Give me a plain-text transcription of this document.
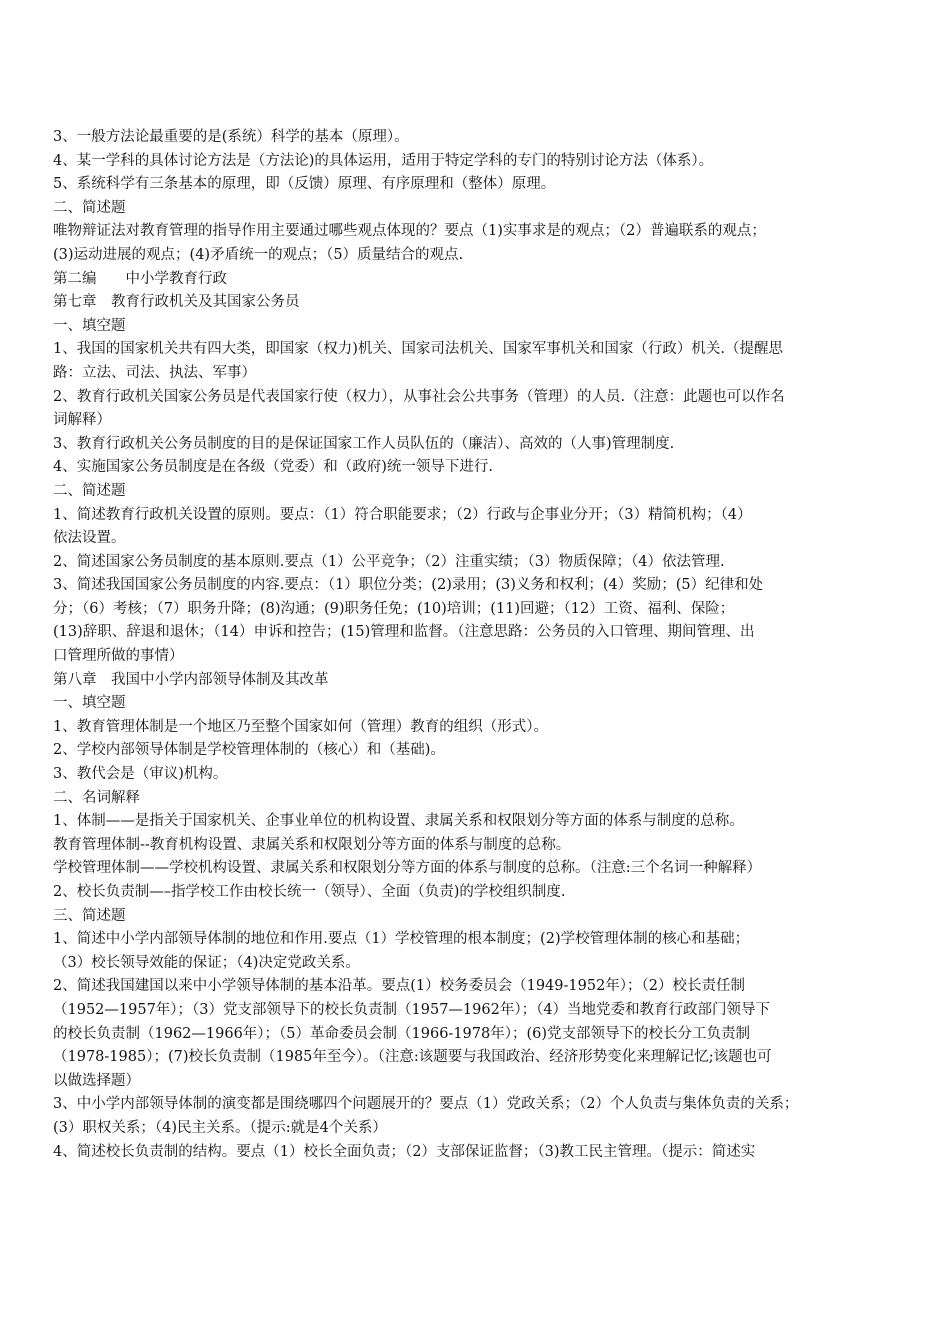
3、一般方法论最重要的是(系统）科学的基本（原理）。
4、某一学科的具体讨论方法是（方法论)的具体运用，适用于特定学科的专门的特别讨论方法（体系）。
5、系统科学有三条基本的原理，即（反馈）原理、有序原理和（整体）原理。
二、简述题
唯物辩证法对教育管理的指导作用主要通过哪些观点体现的？要点（1)实事求是的观点；（2）普遍联系的观点；
(3)运动进展的观点；(4)矛盾统一的观点；（5）质量结合的观点.
第二编　　中小学教育行政
第七章　教育行政机关及其国家公务员
一、填空题
1、我国的国家机关共有四大类，即国家（权力)机关、国家司法机关、国家军事机关和国家（行政）机关.（提醒思
路：立法、司法、执法、军事）
2、教育行政机关国家公务员是代表国家行使（权力），从事社会公共事务（管理）的人员.（注意：此题也可以作名
词解释）
3、教育行政机关公务员制度的目的是保证国家工作人员队伍的（廉洁）、高效的（人事)管理制度.
4、实施国家公务员制度是在各级（党委）和（政府)统一领导下进行.
二、简述题
1、简述教育行政机关设置的原则。要点：（1）符合职能要求；（2）行政与企事业分开；（3）精简机构；（4）
依法设置。
2、简述国家公务员制度的基本原则.要点（1）公平竞争；（2）注重实绩；（3）物质保障；（4）依法管理.
3、简述我国国家公务员制度的内容.要点：（1）职位分类；(2)录用；(3)义务和权利；(4）奖励；(5）纪律和处
分；（6）考核；（7）职务升降；(8)沟通；(9)职务任免；(10)培训；(11)回避；（12）工资、福利、保险；
(13)辞职、辞退和退休；（14）申诉和控告；(15)管理和监督。（注意思路：公务员的入口管理、期间管理、出
口管理所做的事情）
第八章　我国中小学内部领导体制及其改革
一、填空题
1、教育管理体制是一个地区乃至整个国家如何（管理）教育的组织（形式）。
2、学校内部领导体制是学校管理体制的（核心）和（基础)。
3、教代会是（审议)机构。
二、名词解释
1、体制——是指关于国家机关、企事业单位的机构设置、隶属关系和权限划分等方面的体系与制度的总称。
教育管理体制--教育机构设置、隶属关系和权限划分等方面的体系与制度的总称。
学校管理体制——学校机构设置、隶属关系和权限划分等方面的体系与制度的总称。（注意:三个名词一种解释）
2、校长负责制—–指学校工作由校长统一（领导）、全面（负责)的学校组织制度.
三、简述题
1、简述中小学内部领导体制的地位和作用.要点（1）学校管理的根本制度；(2)学校管理体制的核心和基础；
（3）校长领导效能的保证；（4)决定党政关系。
2、简述我国建国以来中小学领导体制的基本沿革。要点(1）校务委员会（1949-1952年）；（2）校长责任制
（1952—1957年）；（3）党支部领导下的校长负责制（1957—1962年）；（4）当地党委和教育行政部门领导下
的校长负责制（1962—1966年）；（5）革命委员会制（1966-1978年）；(6)党支部领导下的校长分工负责制
（1978-1985）；(7)校长负责制（1985年至今）。（注意:该题要与我国政治、经济形势变化来理解记忆;该题也可
以做选择题）
3、中小学内部领导体制的演变都是围绕哪四个问题展开的？要点（1）党政关系；（2）个人负责与集体负责的关系；
(3）职权关系；（4)民主关系。（提示:就是4个关系）
4、简述校长负责制的结构。要点（1）校长全面负责；（2）支部保证监督；（3)教工民主管理。（提示：简述实
